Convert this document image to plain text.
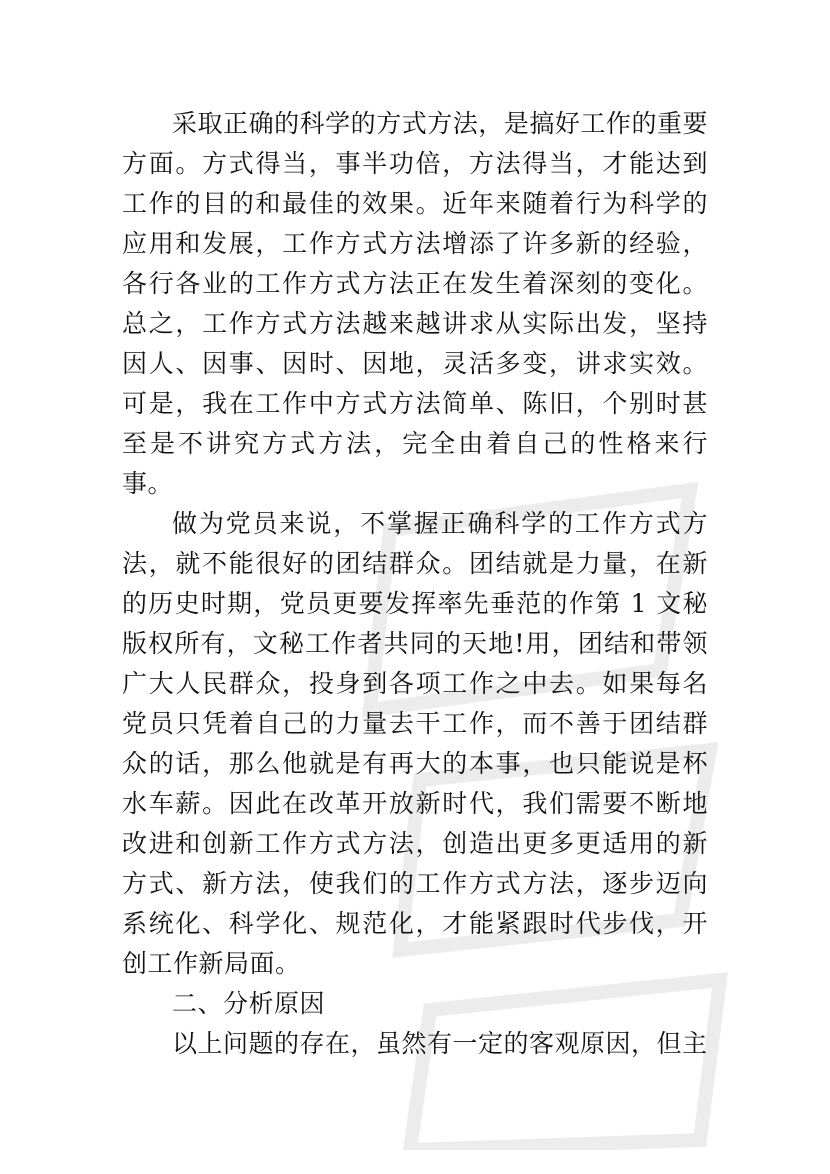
采取正确的科学的方式方法，是搞好工作的重要方面。方式得当，事半功倍，方法得当，才能达到工作的目的和最佳的效果。近年来随着行为科学的应用和发展，工作方式方法增添了许多新的经验，各行各业的工作方式方法正在发生着深刻的变化。总之，工作方式方法越来越讲求从实际出发，坚持因人、因事、因时、因地，灵活多变，讲求实效。可是，我在工作中方式方法简单、陈旧，个别时甚至是不讲究方式方法，完全由着自己的性格来行事。

做为党员来说，不掌握正确科学的工作方式方法，就不能很好的团结群众。团结就是力量，在新的历史时期，党员更要发挥率先垂范的作第 1 文秘版权所有，文秘工作者共同的天地!用，团结和带领广大人民群众，投身到各项工作之中去。如果每名党员只凭着自己的力量去干工作，而不善于团结群众的话，那么他就是有再大的本事，也只能说是杯水车薪。因此在改革开放新时代，我们需要不断地改进和创新工作方式方法，创造出更多更适用的新方式、新方法，使我们的工作方式方法，逐步迈向系统化、科学化、规范化，才能紧跟时代步伐，开创工作新局面。

二、分析原因

以上问题的存在，虽然有一定的客观原因，但主
